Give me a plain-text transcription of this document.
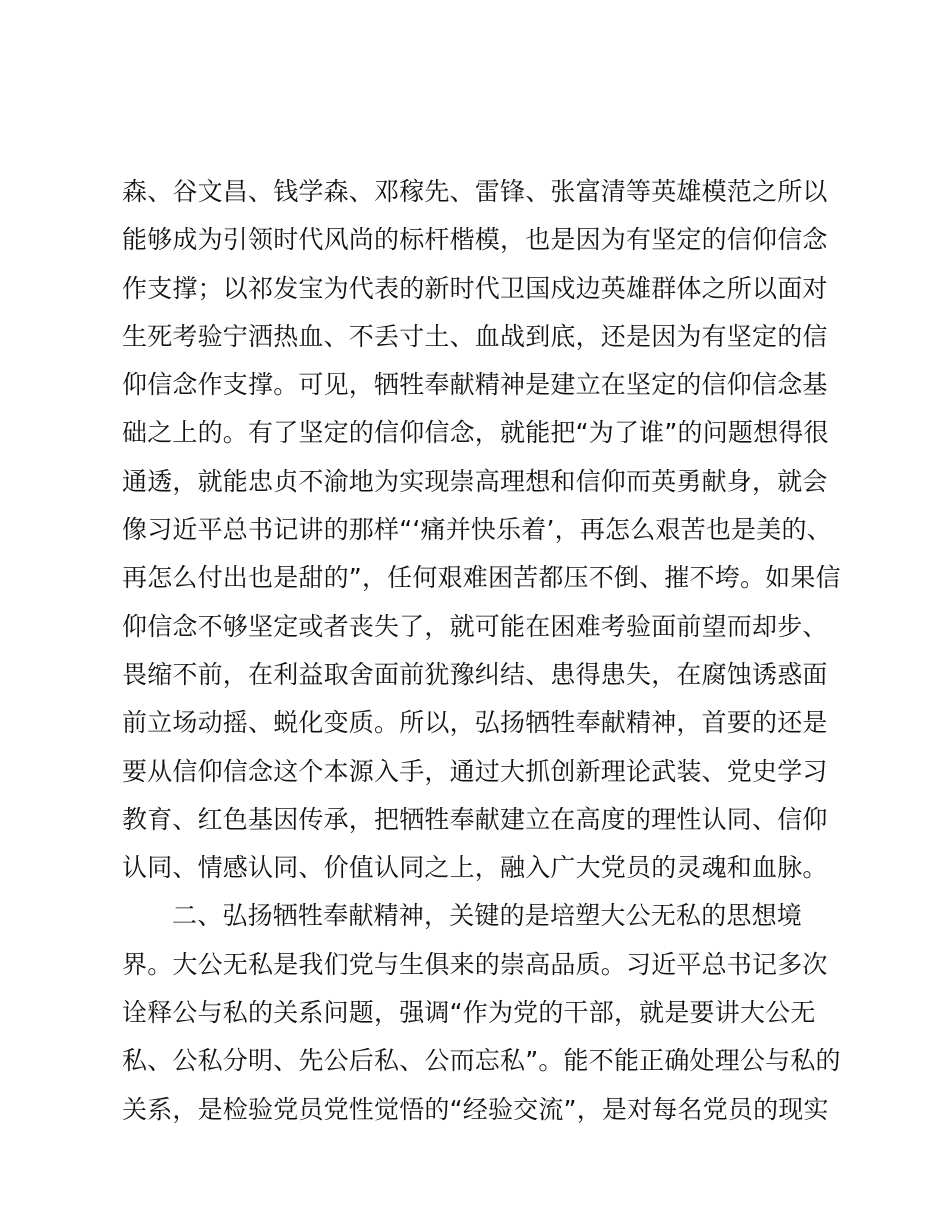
森、谷文昌、钱学森、邓稼先、雷锋、张富清等英雄模范之所以
能够成为引领时代风尚的标杆楷模，也是因为有坚定的信仰信念
作支撑；以祁发宝为代表的新时代卫国戍边英雄群体之所以面对
生死考验宁洒热血、不丢寸土、血战到底，还是因为有坚定的信
仰信念作支撑。可见，牺牲奉献精神是建立在坚定的信仰信念基
础之上的。有了坚定的信仰信念，就能把“为了谁”的问题想得很
通透，就能忠贞不渝地为实现崇高理想和信仰而英勇献身，就会
像习近平总书记讲的那样“‘痛并快乐着’，再怎么艰苦也是美的、
再怎么付出也是甜的”，任何艰难困苦都压不倒、摧不垮。如果信
仰信念不够坚定或者丧失了，就可能在困难考验面前望而却步、
畏缩不前，在利益取舍面前犹豫纠结、患得患失，在腐蚀诱惑面
前立场动摇、蜕化变质。所以，弘扬牺牲奉献精神，首要的还是
要从信仰信念这个本源入手，通过大抓创新理论武装、党史学习
教育、红色基因传承，把牺牲奉献建立在高度的理性认同、信仰
认同、情感认同、价值认同之上，融入广大党员的灵魂和血脉。
二、弘扬牺牲奉献精神，关键的是培塑大公无私的思想境
界。大公无私是我们党与生俱来的崇高品质。习近平总书记多次
诠释公与私的关系问题，强调“作为党的干部，就是要讲大公无
私、公私分明、先公后私、公而忘私”。能不能正确处理公与私的
关系，是检验党员党性觉悟的“经验交流”，是对每名党员的现实
